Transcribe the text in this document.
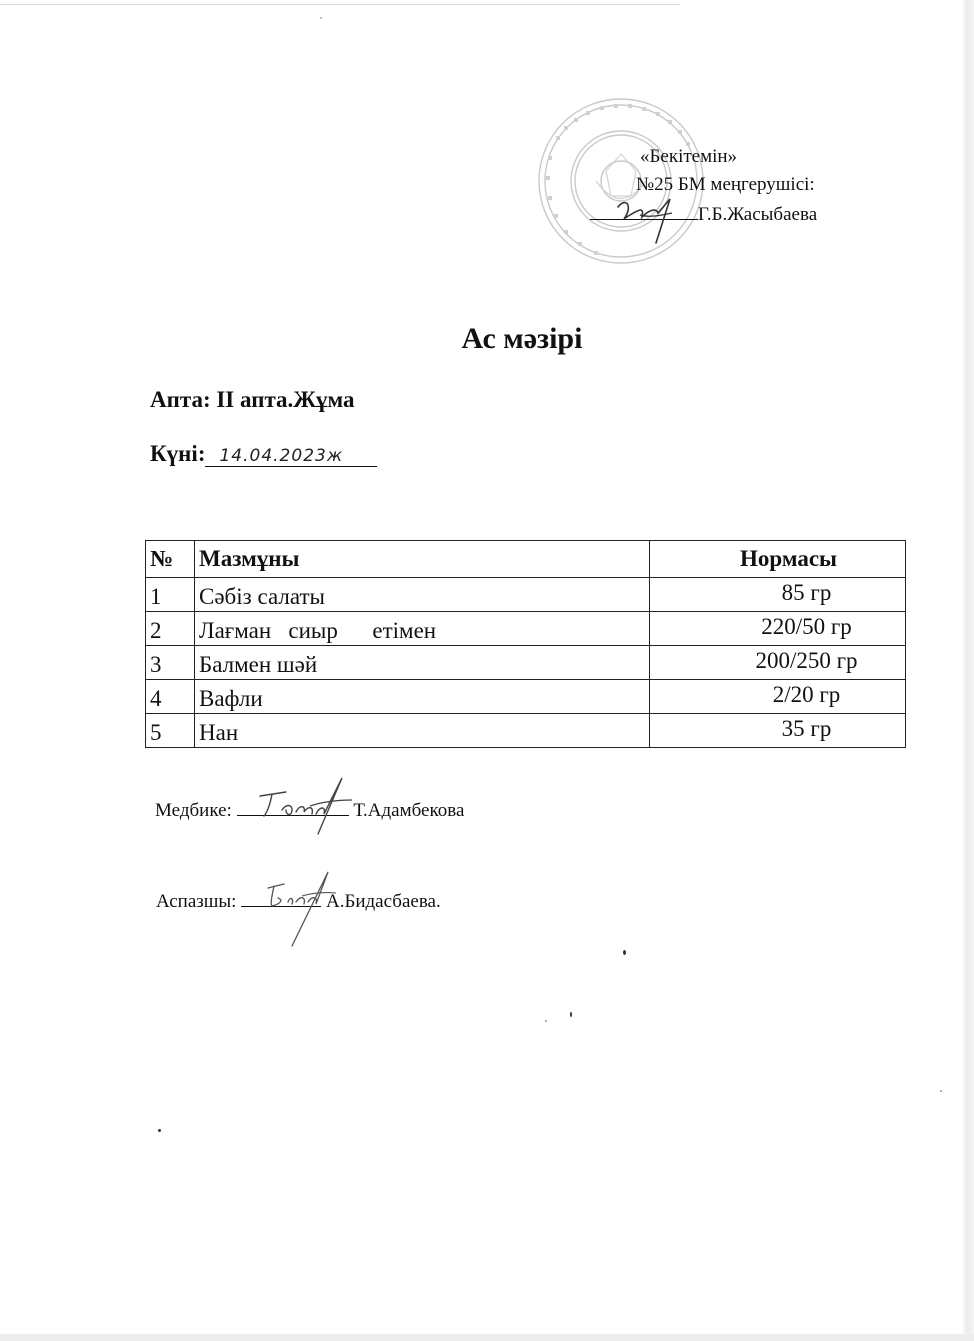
«Бекітемін»
№25 БМ меңгерушісі:
Г.Б.Жасыбаева
Ас мәзірі
Апта: II апта.Жұма
Күні: 14.04.2023ж
№	Мазмұны	Нормасы
1	Сәбіз салаты	85 гр
2	Лағман   сиыр      етімен	220/50 гр
3	Балмен шәй	200/250 гр
4	Вафли	2/20 гр
5	Нан	35 гр
Медбике:	Т.Адамбекова
Аспазшы:	А.Бидасбаева.
